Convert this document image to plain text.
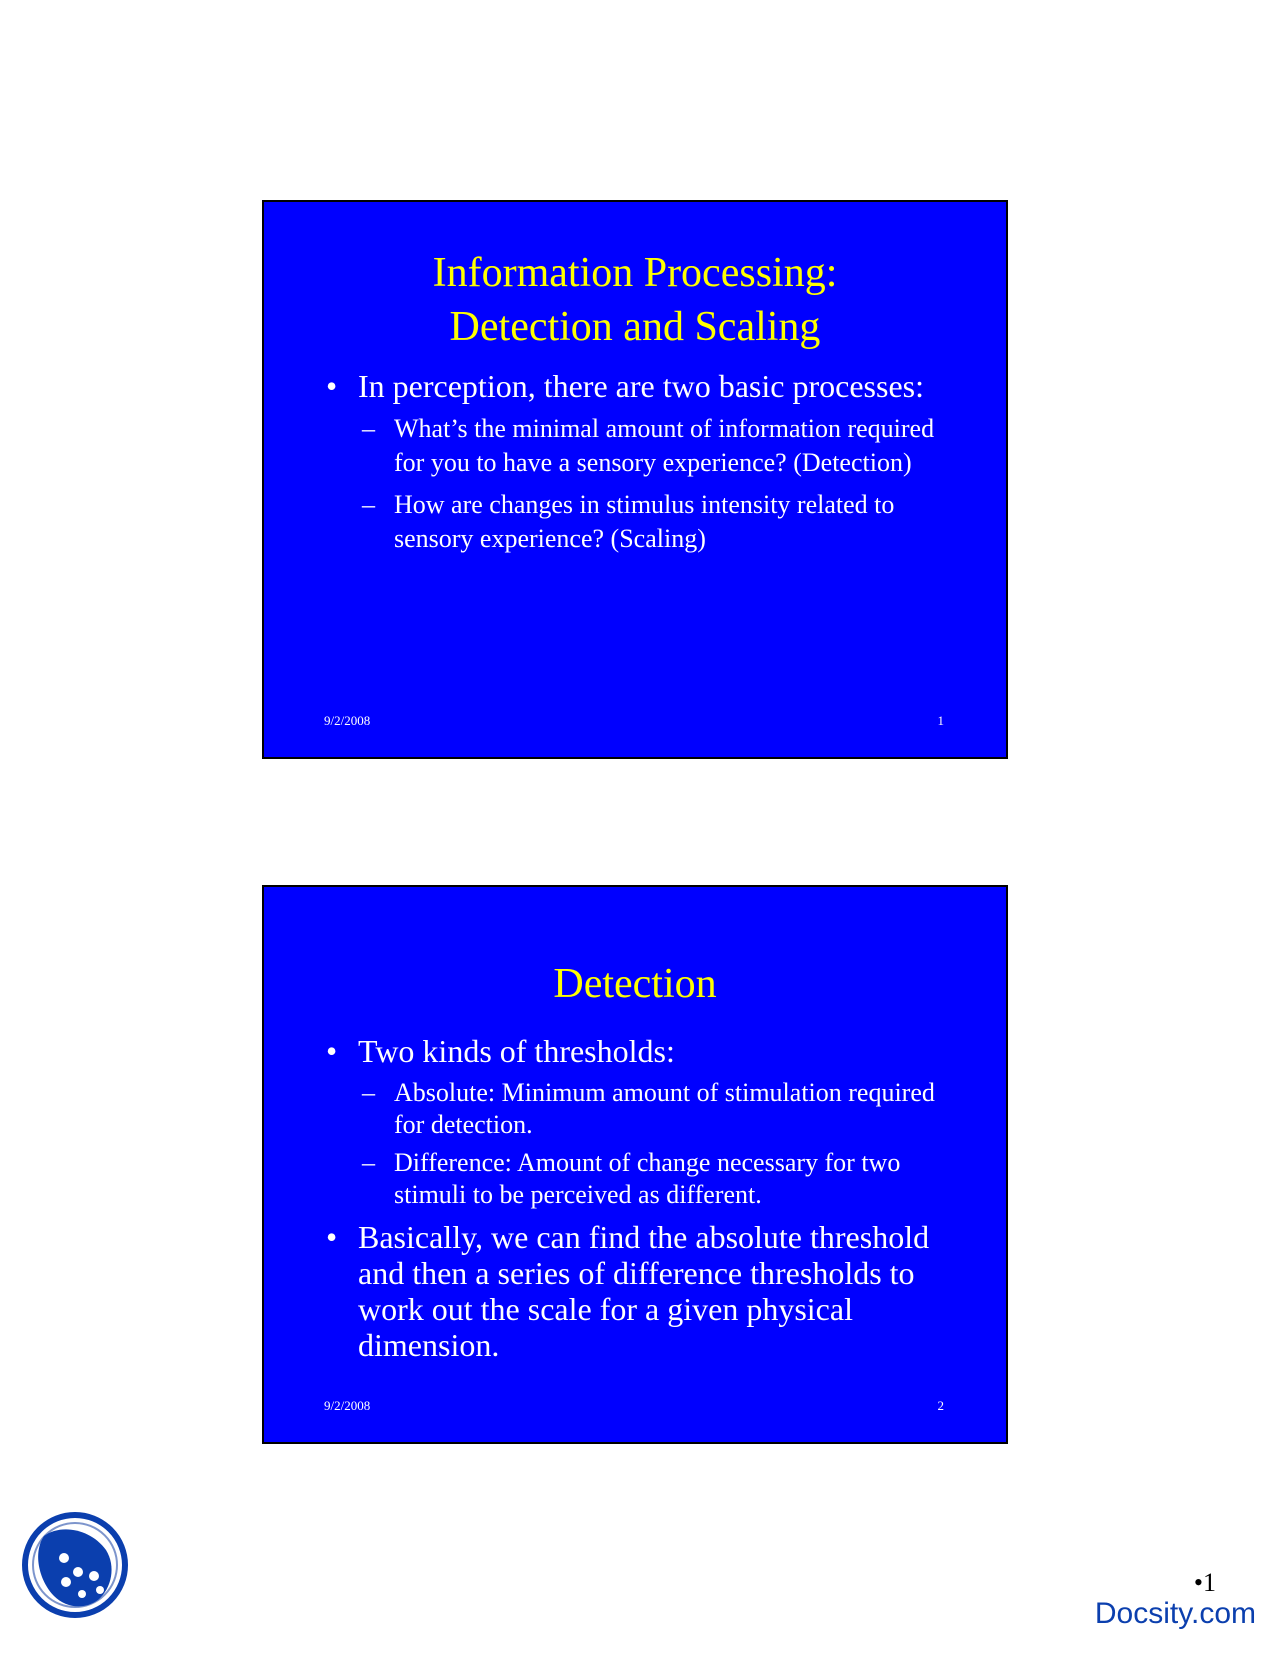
Information Processing:
Detection and Scaling
• In perception, there are two basic processes:
– What’s the minimal amount of information required for you to have a sensory experience? (Detection)
– How are changes in stimulus intensity related to sensory experience? (Scaling)
9/2/2008	1
Detection
• Two kinds of thresholds:
– Absolute: Minimum amount of stimulation required for detection.
– Difference: Amount of change necessary for two stimuli to be perceived as different.
• Basically, we can find the absolute threshold and then a series of difference thresholds to work out the scale for a given physical dimension.
9/2/2008	2
•1
Docsity.com
